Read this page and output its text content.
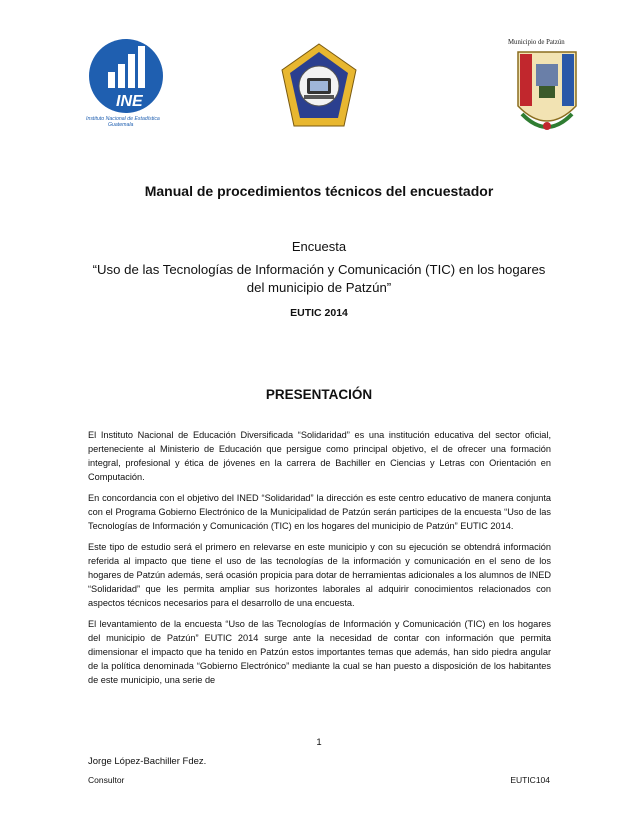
INE
Instituto Nacional de Estadística
Guatemala
Municipio de Patzún
Manual de procedimientos técnicos del encuestador
Encuesta
“Uso de las Tecnologías de Información y Comunicación (TIC) en los hogares del municipio de Patzún”
EUTIC 2014
PRESENTACIÓN

El Instituto Nacional de Educación Diversificada “Solidaridad” es una institución educativa del sector oficial, perteneciente al Ministerio de Educación que persigue como principal objetivo, el de ofrecer una formación integral, profesional y ética de jóvenes en la carrera de Bachiller en Ciencias y Letras con Orientación en Computación.

En concordancia con el objetivo del INED “Solidaridad” la dirección es este centro educativo de manera conjunta con el Programa Gobierno Electrónico de la Municipalidad de Patzún serán participes de la encuesta “Uso de las Tecnologías de Información y Comunicación (TIC) en los hogares del municipio de Patzún” EUTIC 2014.

Este tipo de estudio será el primero en relevarse en este municipio y con su ejecución se obtendrá información referida al impacto que tiene el uso de las tecnologías de la información y comunicación en el seno de los hogares de Patzún además, será ocasión propicia para dotar de herramientas adicionales a los alumnos de INED “Solidaridad” que les permita ampliar sus horizontes laborales al adquirir conocimientos relacionados con aspectos técnicos necesarios para el desarrollo de una encuesta.

El levantamiento de la encuesta “Uso de las Tecnologías de Información y Comunicación (TIC) en los hogares del municipio de Patzún” EUTIC 2014 surge ante la necesidad de contar con información que permita dimensionar el impacto que ha tenido en Patzún estos importantes temas que además, han sido piedra angular de la política denominada “Gobierno Electrónico” mediante la cual se han puesto a disposición de los habitantes de este municipio, una serie de

1
Jorge López-Bachiller Fdez.
Consultor	EUTIC104
